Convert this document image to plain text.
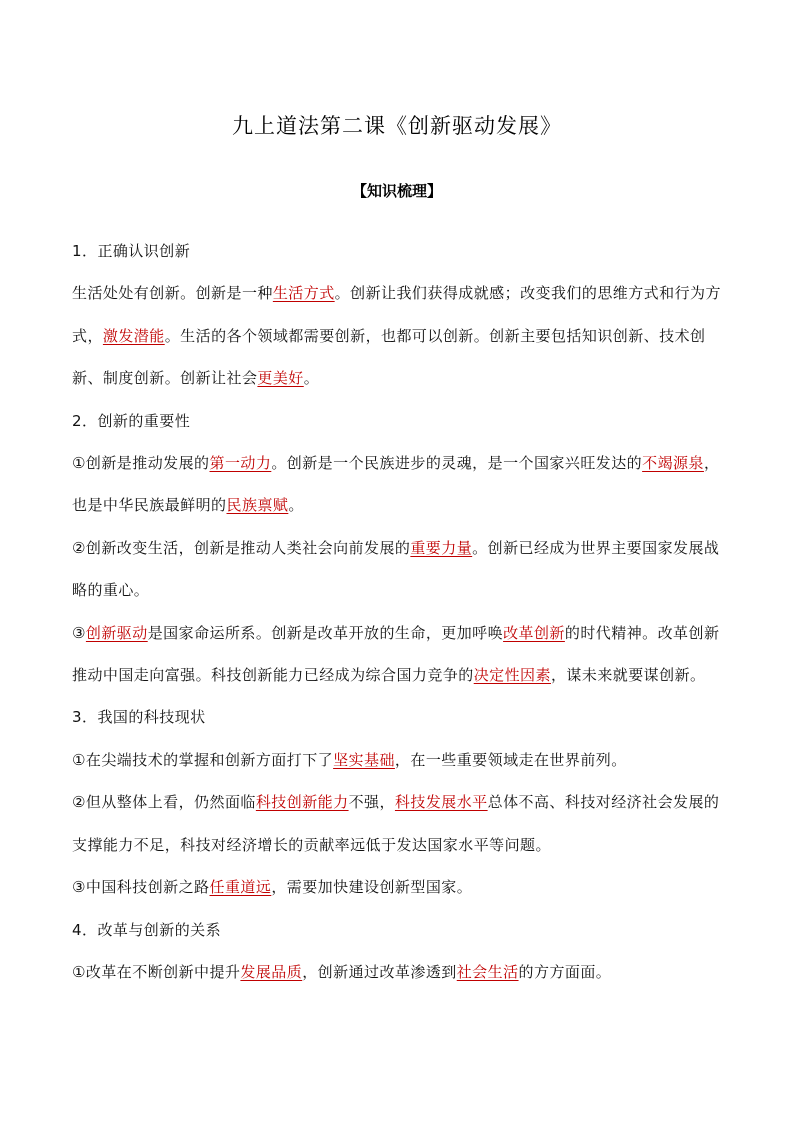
九上道法第二课《创新驱动发展》
【知识梳理】

1．正确认识创新

生活处处有创新。创新是一种生活方式。创新让我们获得成就感；改变我们的思维方式和行为方式，激发潜能。生活的各个领域都需要创新，也都可以创新。创新主要包括知识创新、技术创新、制度创新。创新让社会更美好。

2．创新的重要性

①创新是推动发展的第一动力。创新是一个民族进步的灵魂，是一个国家兴旺发达的不竭源泉，也是中华民族最鲜明的民族禀赋。

②创新改变生活，创新是推动人类社会向前发展的重要力量。创新已经成为世界主要国家发展战略的重心。

③创新驱动是国家命运所系。创新是改革开放的生命，更加呼唤改革创新的时代精神。改革创新推动中国走向富强。科技创新能力已经成为综合国力竞争的决定性因素，谋未来就要谋创新。

3．我国的科技现状

①在尖端技术的掌握和创新方面打下了坚实基础，在一些重要领域走在世界前列。

②但从整体上看，仍然面临科技创新能力不强，科技发展水平总体不高、科技对经济社会发展的支撑能力不足，科技对经济增长的贡献率远低于发达国家水平等问题。

③中国科技创新之路任重道远，需要加快建设创新型国家。

4．改革与创新的关系

①改革在不断创新中提升发展品质，创新通过改革渗透到社会生活的方方面面。
